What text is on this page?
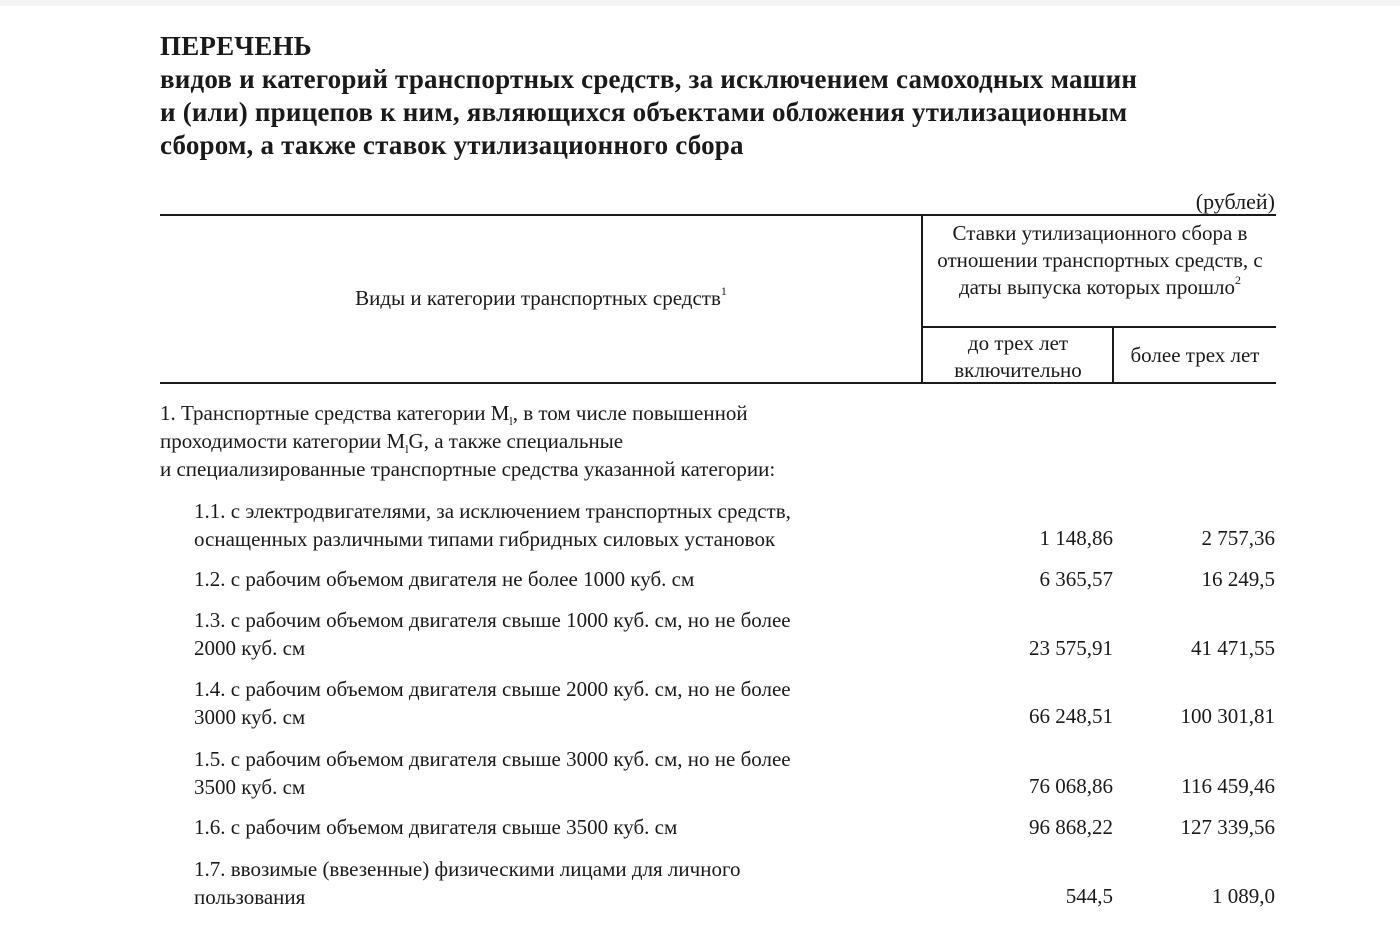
ПЕРЕЧЕНЬ
видов и категорий транспортных средств, за исключением самоходных машин
и (или) прицепов к ним, являющихся объектами обложения утилизационным
сбором, а также ставок утилизационного сбора
(рублей)
Виды и категории транспортных средств$^1$
Ставки утилизационного сбора в отношении транспортных средств, с даты выпуска которых прошло$^2$
до трех лет включительно
более трех лет
1. Транспортные средства категории $M_l$, в том числе повышенной
проходимости категории $M_lG$, а также специальные
и специализированные транспортные средства указанной категории:
1.1. с электродвигателями, за исключением транспортных средств,
оснащенных различными типами гибридных силовых установок	1 148,86	2 757,36
1.2. с рабочим объемом двигателя не более 1000 куб. см	6 365,57	16 249,5
1.3. с рабочим объемом двигателя свыше 1000 куб. см, но не более
2000 куб. см	23 575,91	41 471,55
1.4. с рабочим объемом двигателя свыше 2000 куб. см, но не более
3000 куб. см	66 248,51	100 301,81
1.5. с рабочим объемом двигателя свыше 3000 куб. см, но не более
3500 куб. см	76 068,86	116 459,46
1.6. с рабочим объемом двигателя свыше 3500 куб. см	96 868,22	127 339,56
1.7. ввозимые (ввезенные) физическими лицами для личного
пользования	544,5	1 089,0
